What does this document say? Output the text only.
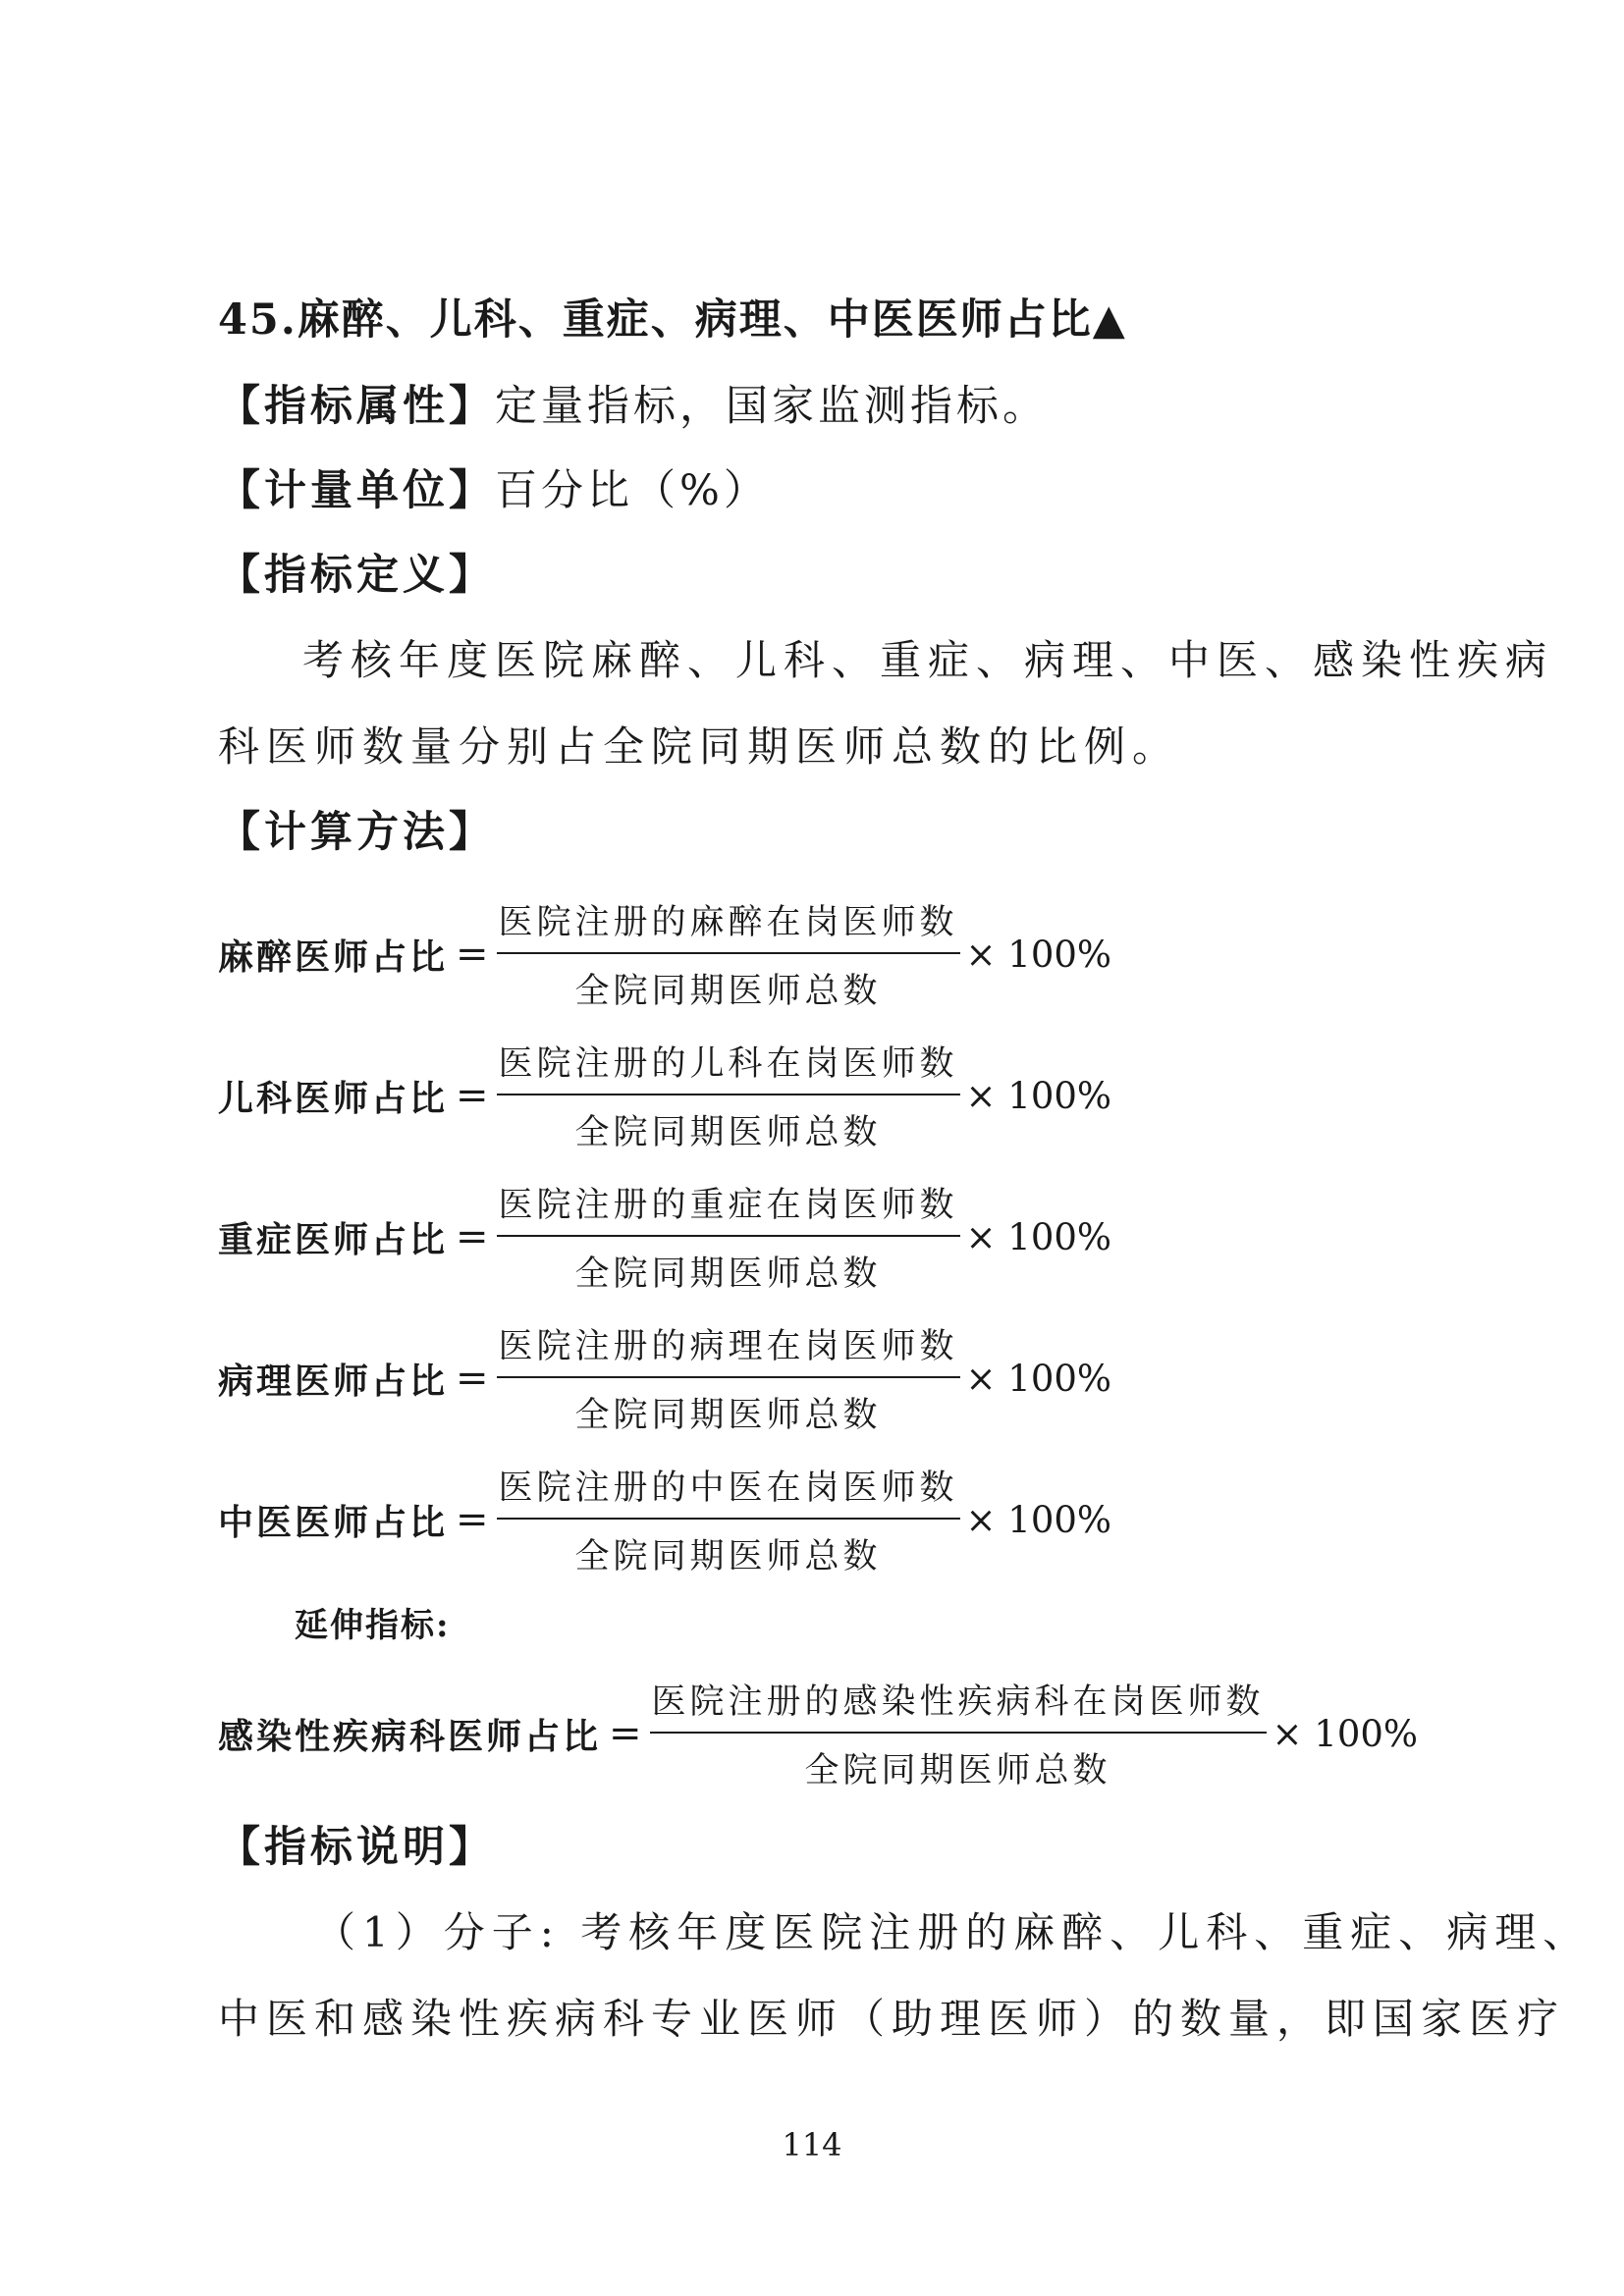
45.麻醉、儿科、重症、病理、中医医师占比▲
【指标属性】定量指标，国家监测指标。
【计量单位】百分比（%）
【指标定义】
考核年度医院麻醉、儿科、重症、病理、中医、感染性疾病
科医师数量分别占全院同期医师总数的比例。
【计算方法】
麻醉医师占比 = $\frac{\text{医院注册的麻醉在岗医师数}}{\text{全院同期医师总数}} \times 100\%$
儿科医师占比 = $\frac{\text{医院注册的儿科在岗医师数}}{\text{全院同期医师总数}} \times 100\%$
重症医师占比 = $\frac{\text{医院注册的重症在岗医师数}}{\text{全院同期医师总数}} \times 100\%$
病理医师占比 = $\frac{\text{医院注册的病理在岗医师数}}{\text{全院同期医师总数}} \times 100\%$
中医医师占比 = $\frac{\text{医院注册的中医在岗医师数}}{\text{全院同期医师总数}} \times 100\%$
延伸指标:
感染性疾病科医师占比 = $\frac{\text{医院注册的感染性疾病科在岗医师数}}{\text{全院同期医师总数}} \times 100\%$
【指标说明】
（1）分子: 考核年度医院注册的麻醉、儿科、重症、病理、
中医和感染性疾病科专业医师（助理医师）的数量，即国家医疗
114
